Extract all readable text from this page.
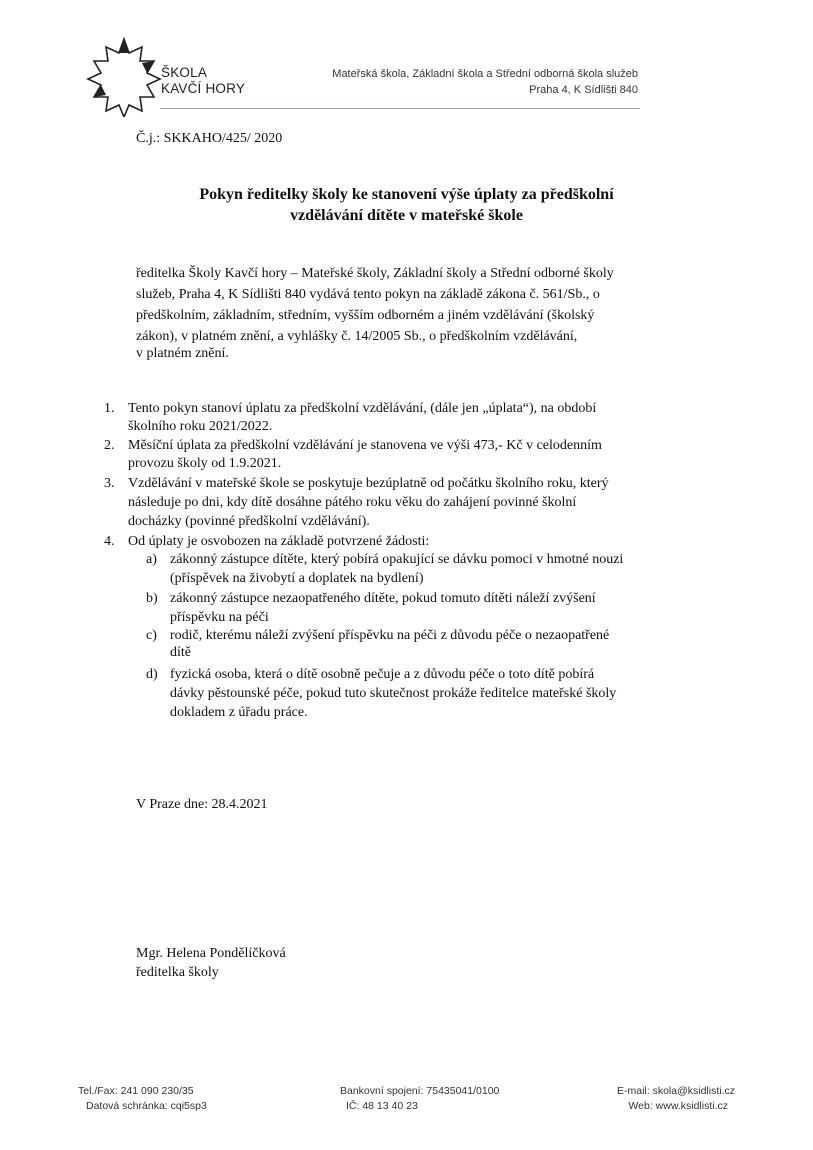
ŠKOLA
KAVČÍ HORY
Mateřská škola, Základní škola a Střední odborná škola služeb
Praha 4, K Sídlišti 840
Č.j.: SKKAHO/425/ 2020
Pokyn ředitelky školy ke stanovení výše úplaty za předškolní
vzdělávání dítěte v mateřské škole
ředitelka Školy Kavčí hory – Mateřské školy, Základní školy a Střední odborné školy
služeb, Praha 4, K Sídlišti 840 vydává tento pokyn na základě zákona č. 561/Sb., o
předškolním, základním, středním, vyšším odborném a jiném vzdělávání (školský
zákon), v platném znění, a vyhlášky č. 14/2005 Sb., o předškolním vzdělávání,
v platném znění.
1. Tento pokyn stanoví úplatu za předškolní vzdělávání, (dále jen „úplata“), na období
školního roku 2021/2022.
2. Měsíční úplata za předškolní vzdělávání je stanovena ve výši 473,- Kč v celodenním
provozu školy od 1.9.2021.
3. Vzdělávání v mateřské škole se poskytuje bezúplatně od počátku školního roku, který
následuje po dni, kdy dítě dosáhne pátého roku věku do zahájení povinné školní
docházky (povinné předškolní vzdělávání).
4. Od úplaty je osvobozen na základě potvrzené žádosti:
a) zákonný zástupce dítěte, který pobírá opakující se dávku pomoci v hmotné nouzi
(příspěvek na živobytí a doplatek na bydlení)
b) zákonný zástupce nezaopatřeného dítěte, pokud tomuto dítěti náleží zvýšení
příspěvku na péči
c) rodič, kterému náleží zvýšení příspěvku na péči z důvodu péče o nezaopatřené
dítě
d) fyzická osoba, která o dítě osobně pečuje a z důvodu péče o toto dítě pobírá
dávky pěstounské péče, pokud tuto skutečnost prokáže ředitelce mateřské školy
dokladem z úřadu práce.
V Praze dne: 28.4.2021
Mgr. Helena Pondělíčková
ředitelka školy
Tel./Fax: 241 090 230/35
Datová schránka: cqi5sp3
Bankovní spojení: 75435041/0100
IČ: 48 13 40 23
E-mail: skola@ksidlisti.cz
Web: www.ksidlisti.cz
